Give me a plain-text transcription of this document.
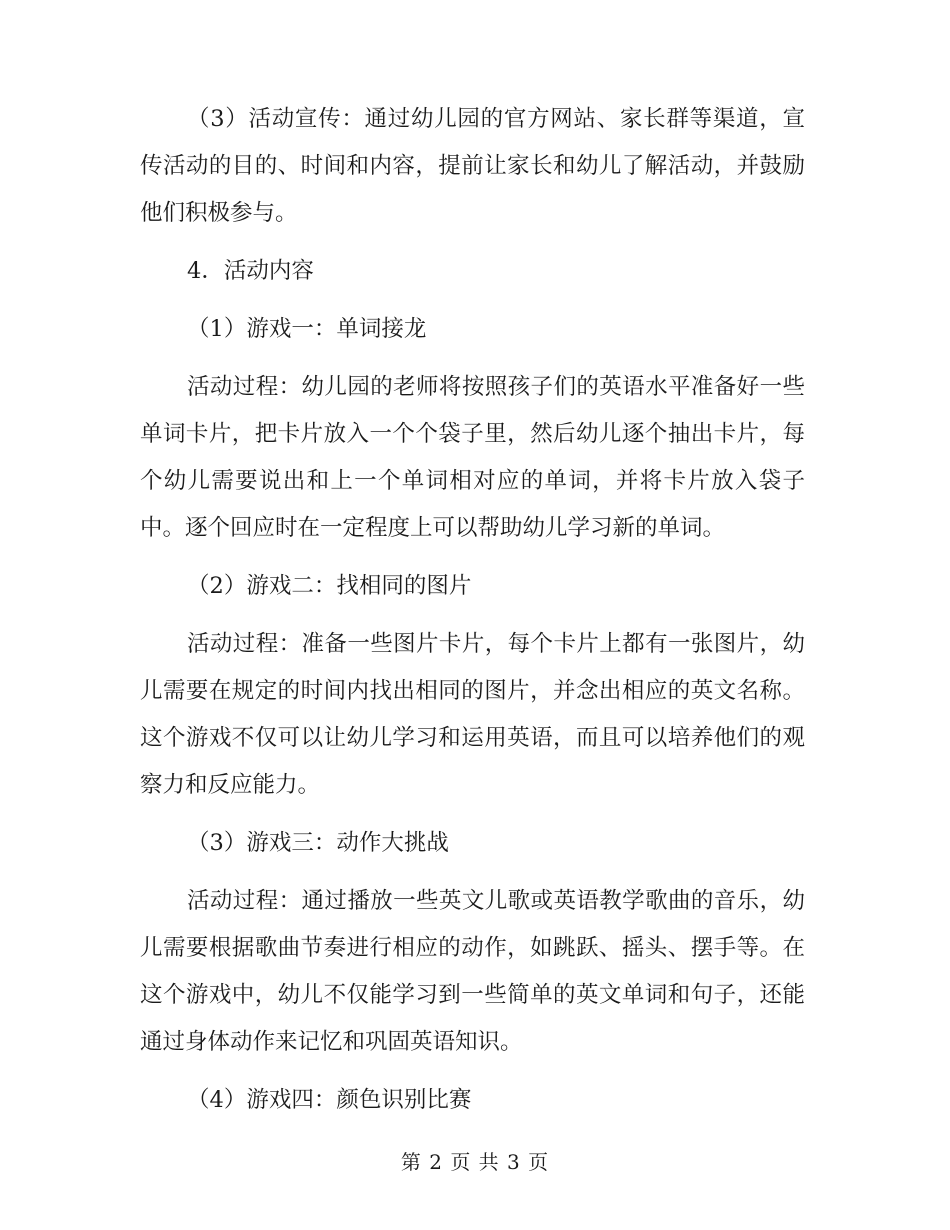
（3）活动宣传：通过幼儿园的官方网站、家长群等渠道，宣传活动的目的、时间和内容，提前让家长和幼儿了解活动，并鼓励他们积极参与。

4．活动内容

（1）游戏一：单词接龙

活动过程：幼儿园的老师将按照孩子们的英语水平准备好一些单词卡片，把卡片放入一个个袋子里，然后幼儿逐个抽出卡片，每个幼儿需要说出和上一个单词相对应的单词，并将卡片放入袋子中。逐个回应时在一定程度上可以帮助幼儿学习新的单词。

（2）游戏二：找相同的图片

活动过程：准备一些图片卡片，每个卡片上都有一张图片，幼儿需要在规定的时间内找出相同的图片，并念出相应的英文名称。这个游戏不仅可以让幼儿学习和运用英语，而且可以培养他们的观察力和反应能力。

（3）游戏三：动作大挑战

活动过程：通过播放一些英文儿歌或英语教学歌曲的音乐，幼儿需要根据歌曲节奏进行相应的动作，如跳跃、摇头、摆手等。在这个游戏中，幼儿不仅能学习到一些简单的英文单词和句子，还能通过身体动作来记忆和巩固英语知识。

（4）游戏四：颜色识别比赛

第 2 页 共 3 页
